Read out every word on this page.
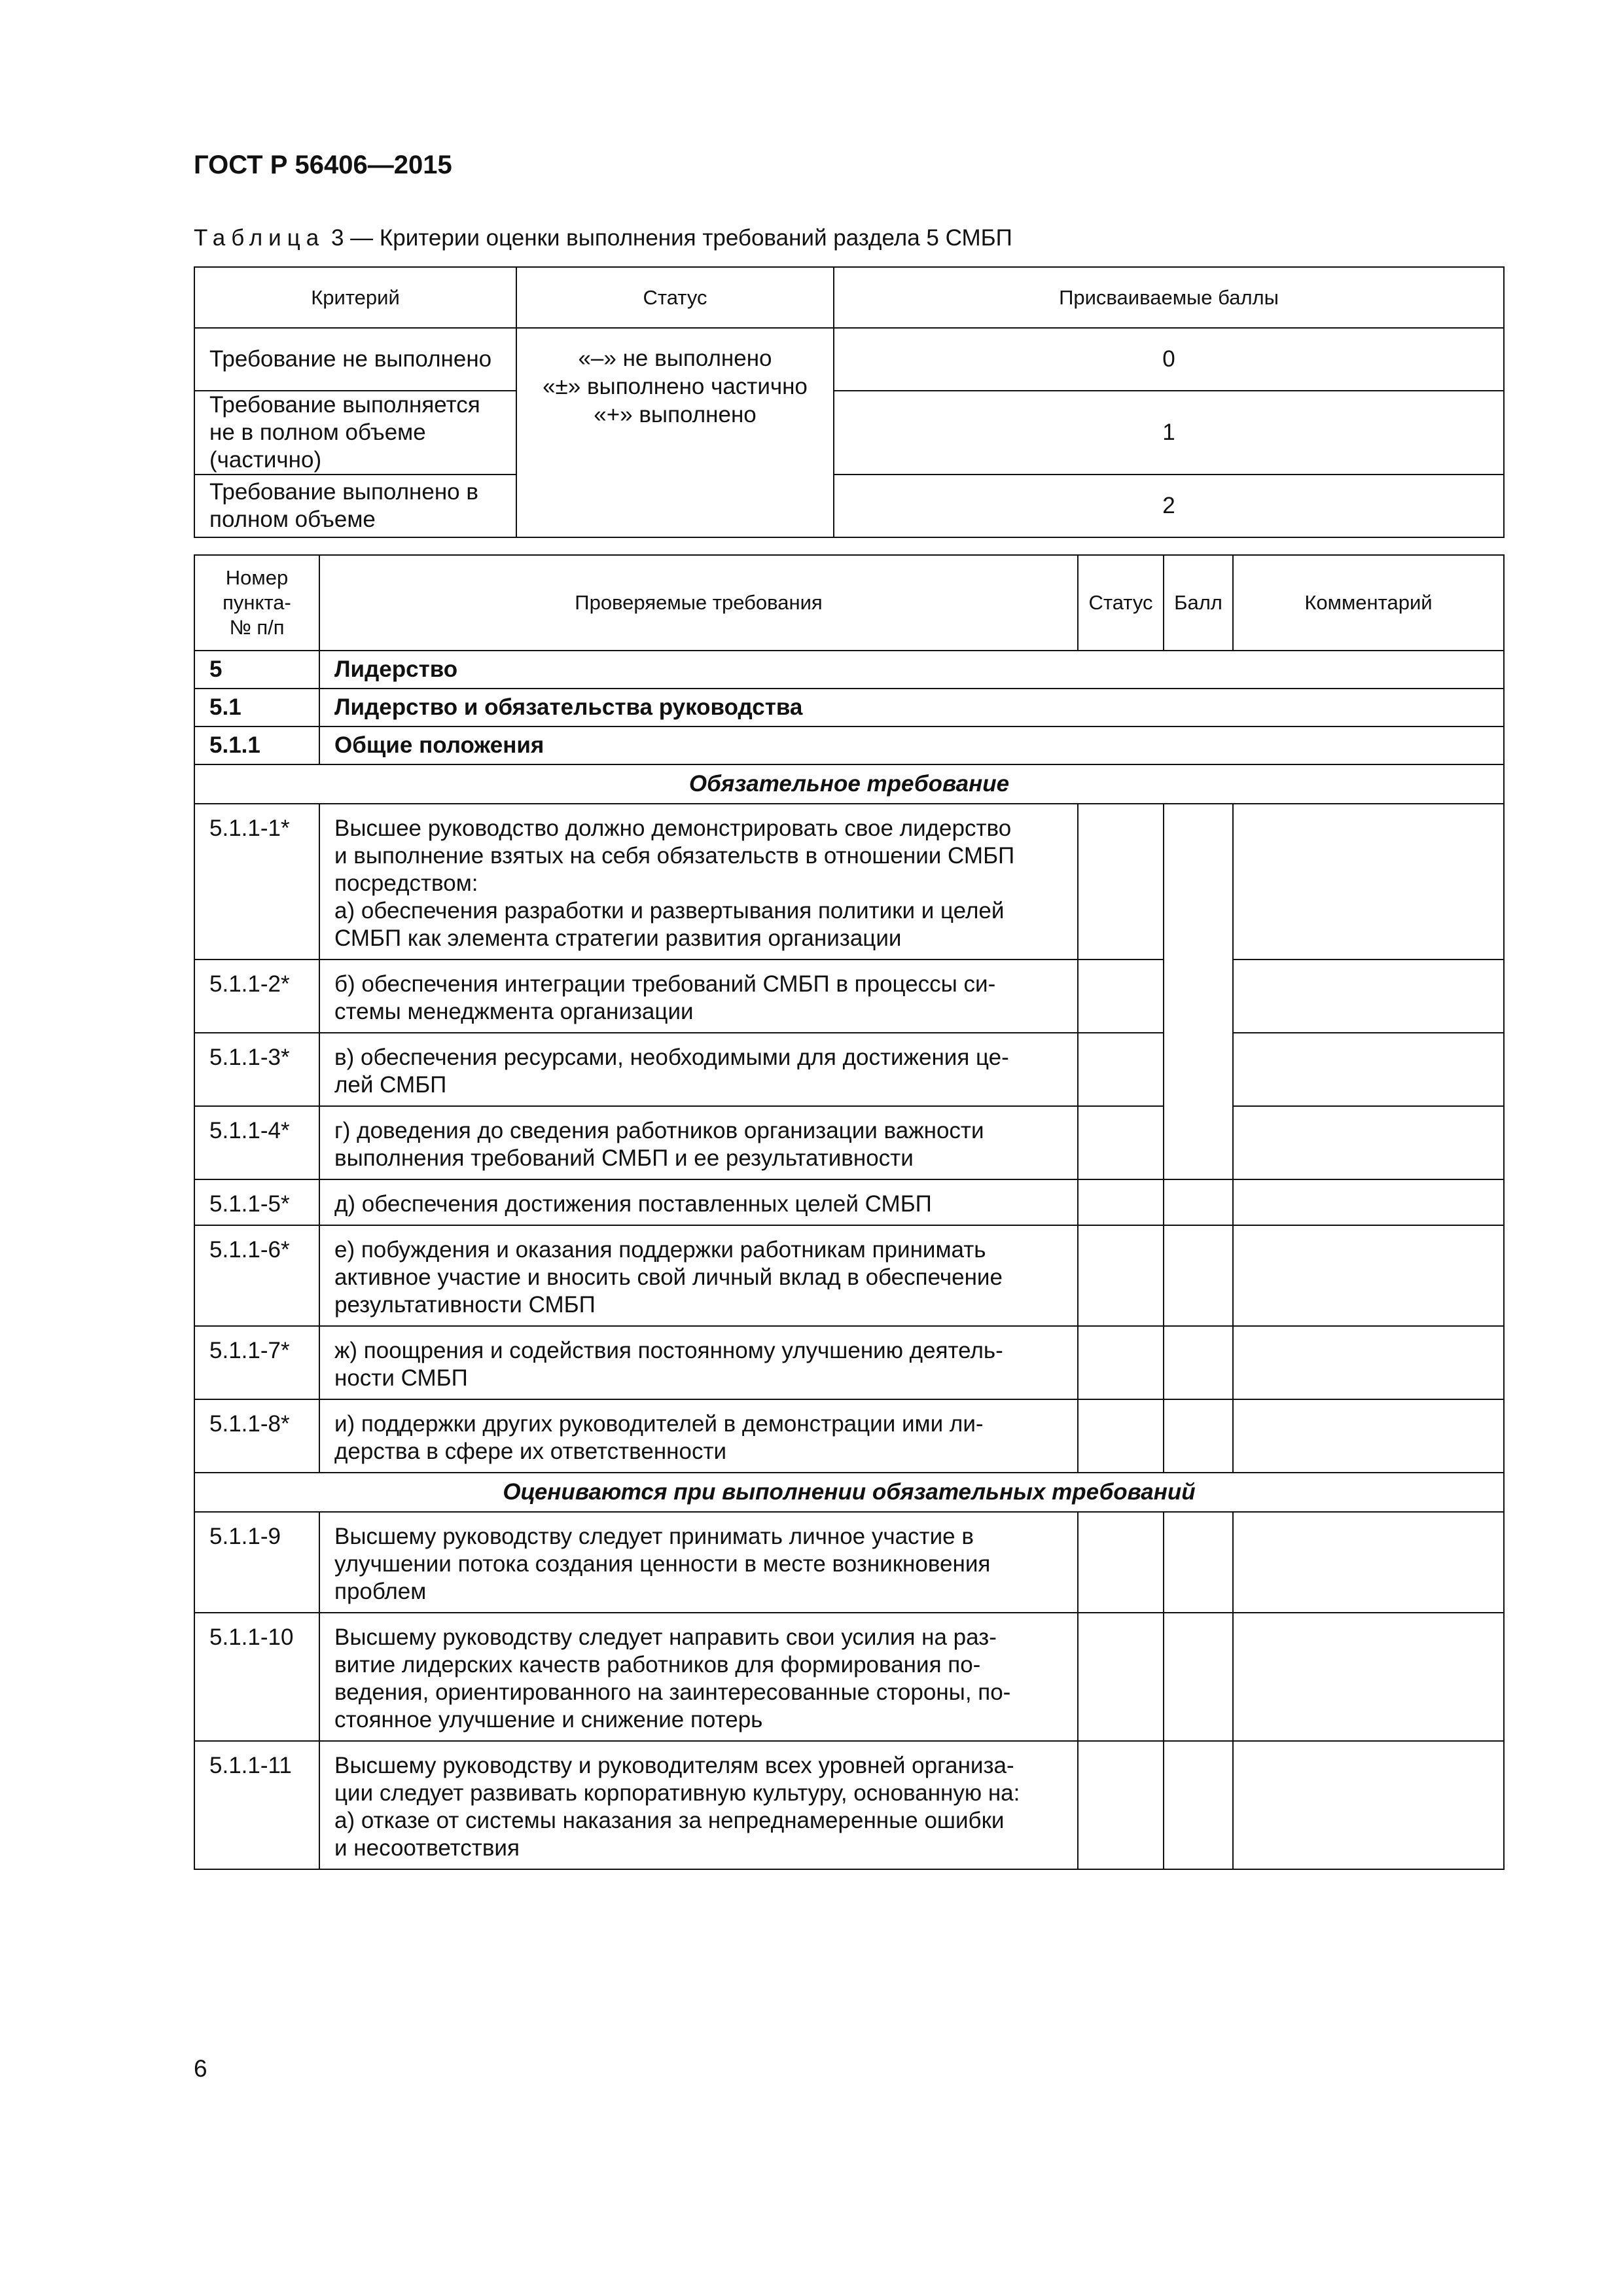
ГОСТ Р 56406—2015
Таблица 3 — Критерии оценки выполнения требований раздела 5 СМБП
Критерий	Статус	Присваиваемые баллы
Требование не выполнено	«–» не выполнено
«±» выполнено частично
«+» выполнено	0
Требование выполняется не в полном объеме (частично)		1
Требование выполнено в полном объеме		2
Номер
пункта-
№ п/п	Проверяемые требования	Статус	Балл	Комментарий
5	Лидерство			
5.1	Лидерство и обязательства руководства			
5.1.1	Общие положения			
Обязательное требование				
5.1.1-1*	Высшее руководство должно демонстрировать свое лидерство
и выполнение взятых на себя обязательств в отношении СМБП
посредством:
а) обеспечения разработки и развертывания политики и целей
СМБП как элемента стратегии развития организации			

5.1.1-2*	б) обеспечения интеграции требований СМБП в процессы си-
стемы менеджмента организации			

5.1.1-3*	в) обеспечения ресурсами, необходимыми для достижения це-
лей СМБП			

5.1.1-4*	г) доведения до сведения работников организации важности
выполнения требований СМБП и ее результативности			

5.1.1-5*	д) обеспечения достижения поставленных целей СМБП			

5.1.1-6*	е) побуждения и оказания поддержки работникам принимать
активное участие и вносить свой личный вклад в обеспечение
результативности СМБП			

5.1.1-7*	ж) поощрения и содействия постоянному улучшению деятель-
ности СМБП			

5.1.1-8*	и) поддержки других руководителей в демонстрации ими ли-
дерства в сфере их ответственности			

Оцениваются при выполнении обязательных требований				
5.1.1-9	Высшему руководству следует принимать личное участие в
улучшении потока создания ценности в месте возникновения
проблем			

5.1.1-10	Высшему руководству следует направить свои усилия на раз-
витие лидерских качеств работников для формирования по-
ведения, ориентированного на заинтересованные стороны, по-
стоянное улучшение и снижение потерь			

5.1.1-11	Высшему руководству и руководителям всех уровней организа-
ции следует развивать корпоративную культуру, основанную на:
а) отказе от системы наказания за непреднамеренные ошибки
и несоответствия			

6
